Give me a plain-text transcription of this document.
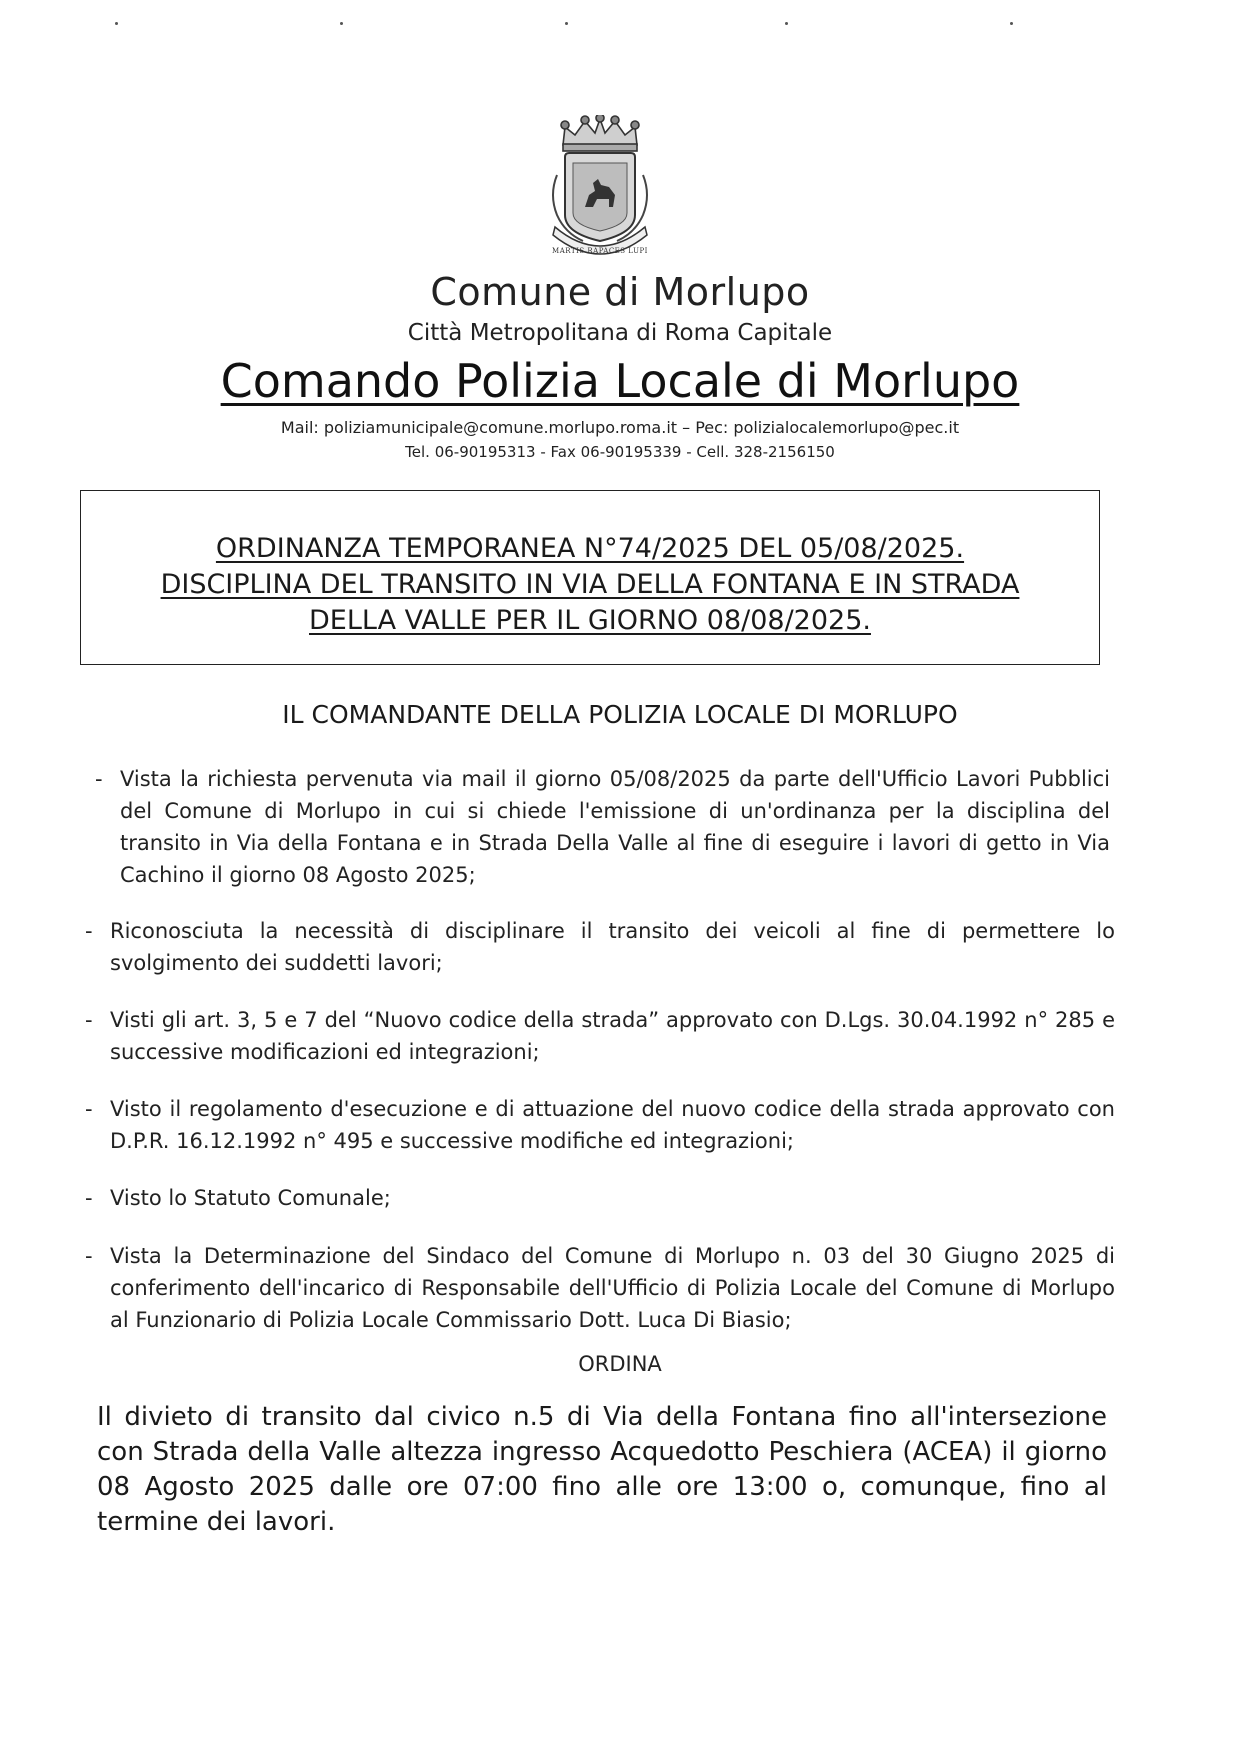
MARTIS RAPACES LUPI
Comune di Morlupo
Città Metropolitana di Roma Capitale
Comando Polizia Locale di Morlupo
Mail: poliziamunicipale@comune.morlupo.roma.it – Pec: polizialocalemorlupo@pec.it
Tel. 06-90195313 - Fax 06-90195339 - Cell. 328-2156150
ORDINANZA TEMPORANEA N°74/2025 DEL 05/08/2025.
DISCIPLINA DEL TRANSITO IN VIA DELLA FONTANA E IN STRADA
DELLA VALLE PER IL GIORNO 08/08/2025.
IL COMANDANTE DELLA POLIZIA LOCALE DI MORLUPO
- Vista la richiesta pervenuta via mail il giorno 05/08/2025 da parte dell'Ufficio Lavori Pubblici del Comune di Morlupo in cui si chiede l'emissione di un'ordinanza per la disciplina del transito in Via della Fontana e in Strada Della Valle al fine di eseguire i lavori di getto in Via Cachino il giorno 08 Agosto 2025;
- Riconosciuta la necessità di disciplinare il transito dei veicoli al fine di permettere lo svolgimento dei suddetti lavori;
- Visti gli art. 3, 5 e 7 del “Nuovo codice della strada” approvato con D.Lgs. 30.04.1992 n° 285 e successive modificazioni ed integrazioni;
- Visto il regolamento d'esecuzione e di attuazione del nuovo codice della strada approvato con D.P.R. 16.12.1992 n° 495 e successive modifiche ed integrazioni;
- Visto lo Statuto Comunale;
- Vista la Determinazione del Sindaco del Comune di Morlupo n. 03 del 30 Giugno 2025 di conferimento dell'incarico di Responsabile dell'Ufficio di Polizia Locale del Comune di Morlupo al Funzionario di Polizia Locale Commissario Dott. Luca Di Biasio;
ORDINA
Il divieto di transito dal civico n.5 di Via della Fontana fino all'intersezione con Strada della Valle altezza ingresso Acquedotto Peschiera (ACEA) il giorno 08 Agosto 2025 dalle ore 07:00 fino alle ore 13:00 o, comunque, fino al termine dei lavori.
